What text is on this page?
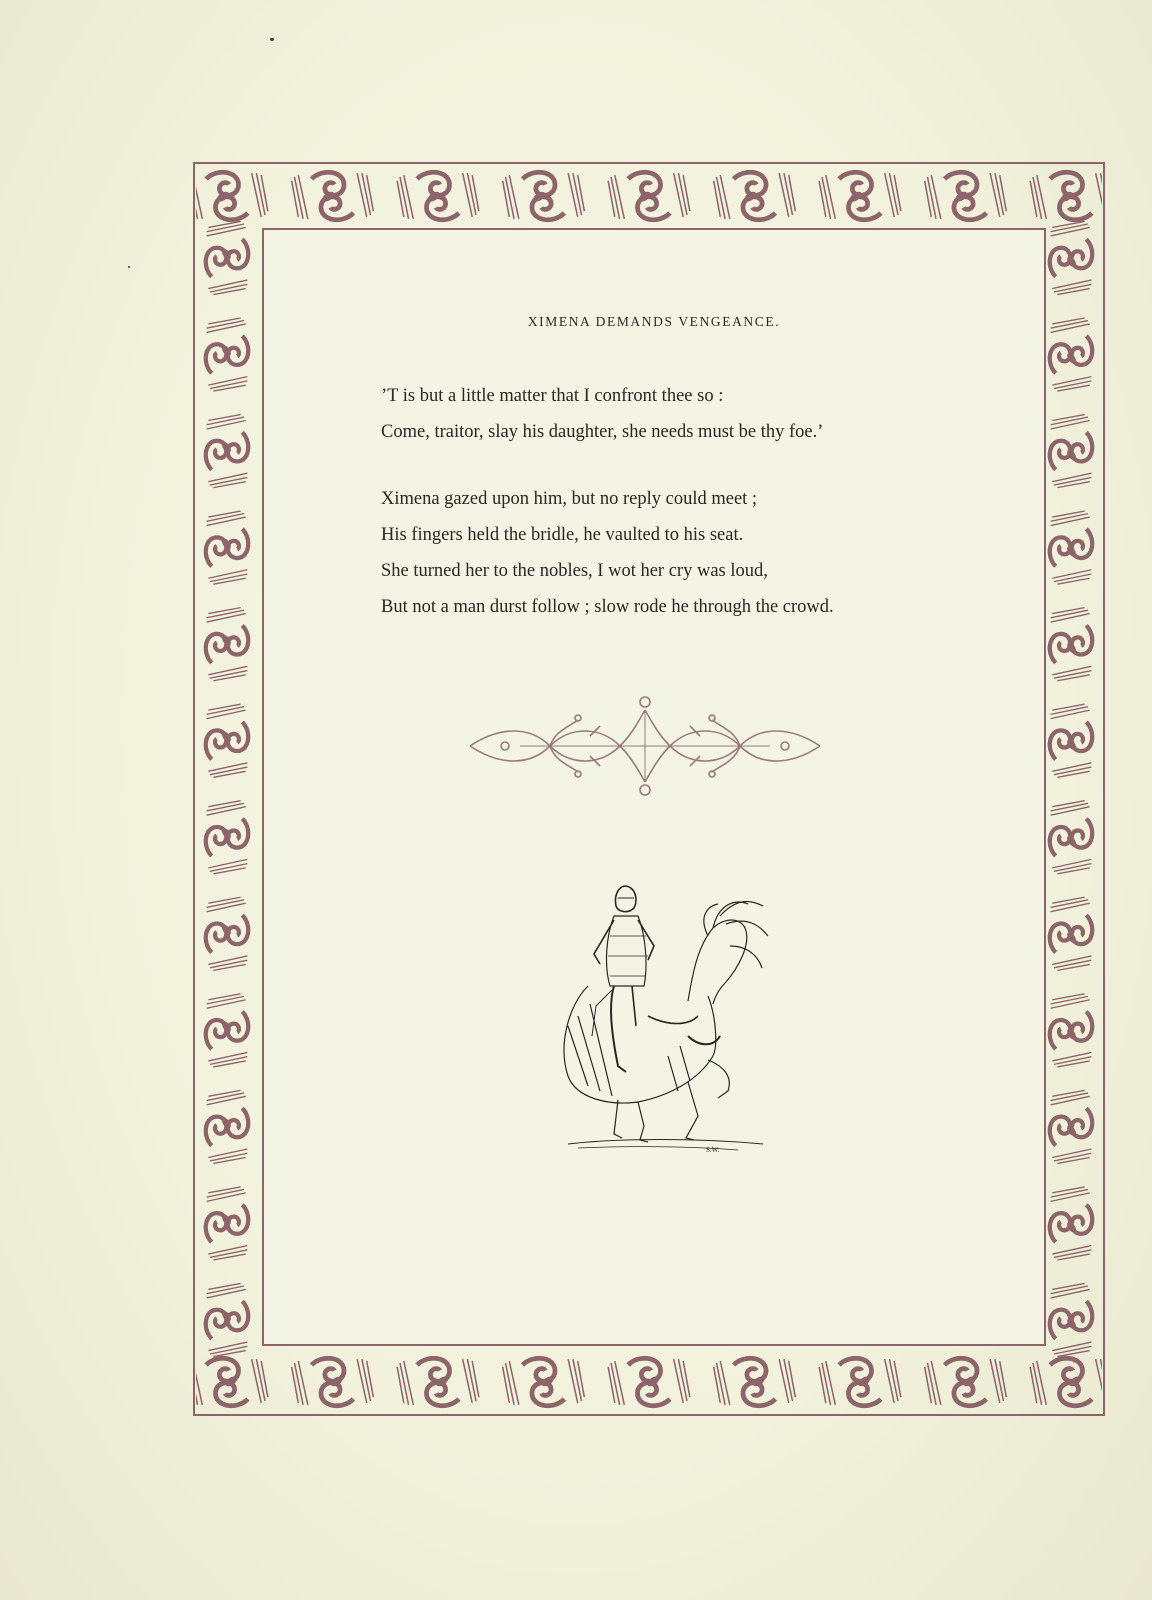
XIMENA DEMANDS VENGEANCE.
’T is but a little matter that I confront thee so :
Come, traitor, slay his daughter, she needs must be thy foe.’
Ximena gazed upon him, but no reply could meet ;
His fingers held the bridle, he vaulted to his seat.
She turned her to the nobles, I wot her cry was loud,
But not a man durst follow ; slow rode he through the crowd.
S.W.
